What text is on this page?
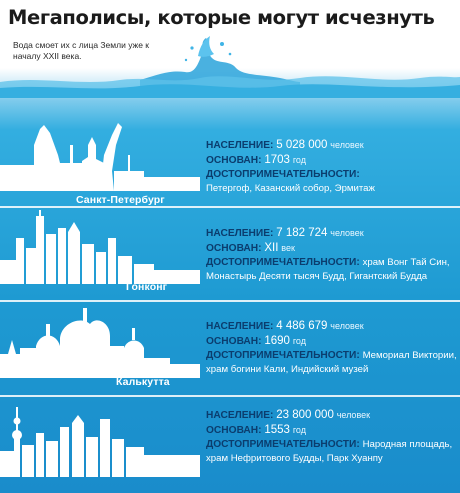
Мегаполисы, которые могут исчезнуть
Вода смоет их с лица Земли уже к началу XXII века.
Санкт-Петербург
НАСЕЛЕНИЕ: 5 028 000 человек
ОСНОВАН: 1703 год
ДОСТОПРИМЕЧАТЕЛЬНОСТИ:
Петергоф, Казанский собор, Эрмитаж
Гонконг
НАСЕЛЕНИЕ: 7 182 724 человек
ОСНОВАН: XII век
ДОСТОПРИМЕЧАТЕЛЬНОСТИ: храм Вонг Тай Син,
Монастырь Десяти тысяч Будд, Гигантский Будда
Калькутта
НАСЕЛЕНИЕ: 4 486 679 человек
ОСНОВАН: 1690 год
ДОСТОПРИМЕЧАТЕЛЬНОСТИ: Мемориал Виктории,
храм богини Кали, Индийский музей
Шанхай
НАСЕЛЕНИЕ: 23 800 000 человек
ОСНОВАН: 1553 год
ДОСТОПРИМЕЧАТЕЛЬНОСТИ: Народная площадь,
храм Нефритового Будды, Парк Хуанпу
